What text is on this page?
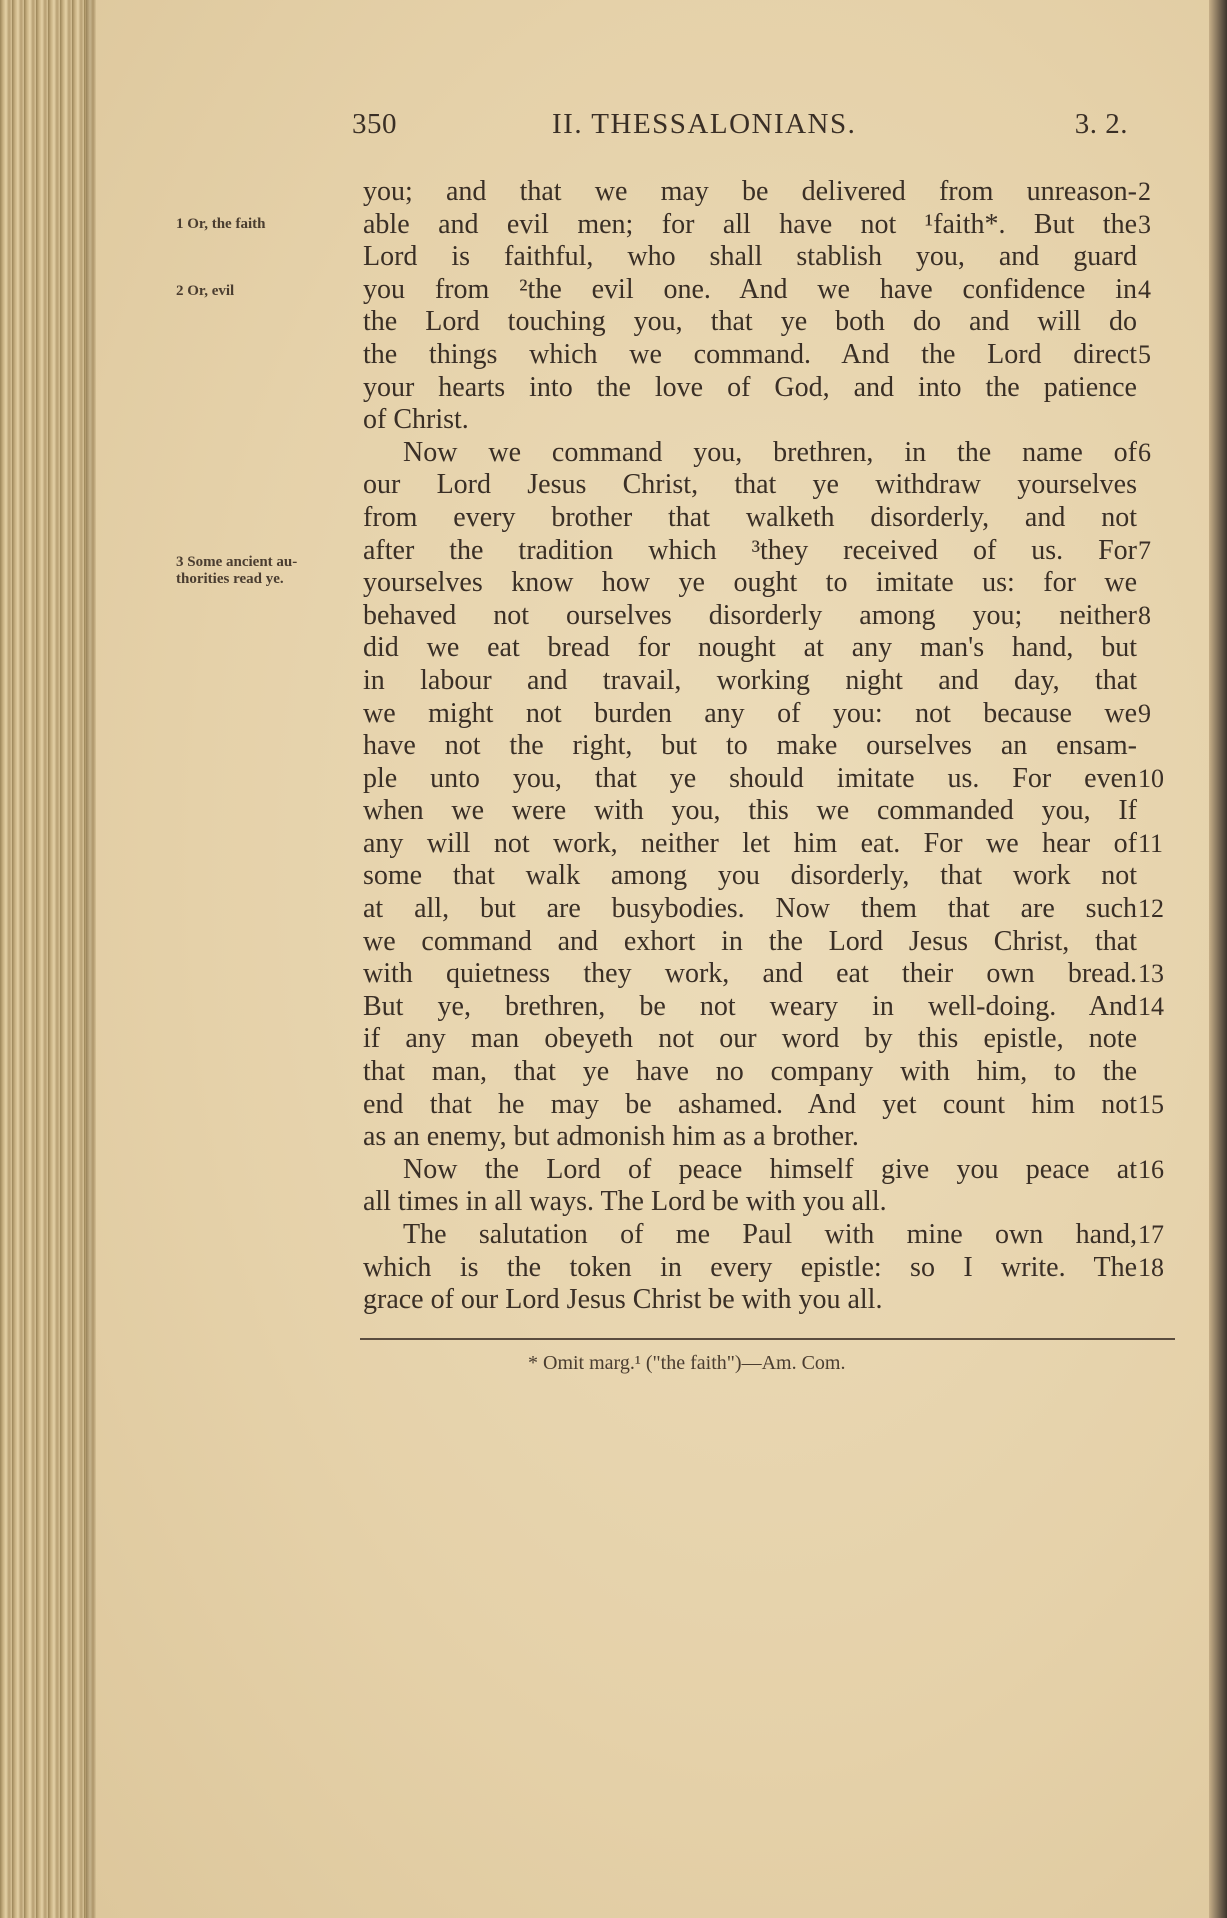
350	II. THESSALONIANS.	3. 2.
1 Or, the faith
2 Or, evil

3 Some ancient au-
thorities read ye.

you; and that we may be delivered from unreason-
able and evil men; for all have not ¹faith*. But the
Lord is faithful, who shall stablish you, and guard
you from ²the evil one. And we have confidence in
the Lord touching you, that ye both do and will do
the things which we command. And the Lord direct
your hearts into the love of God, and into the patience
of Christ.
Now we command you, brethren, in the name of
our Lord Jesus Christ, that ye withdraw yourselves
from every brother that walketh disorderly, and not
after the tradition which ³they received of us. For
yourselves know how ye ought to imitate us: for we
behaved not ourselves disorderly among you; neither
did we eat bread for nought at any man's hand, but
in labour and travail, working night and day, that
we might not burden any of you: not because we
have not the right, but to make ourselves an ensam-
ple unto you, that ye should imitate us. For even
when we were with you, this we commanded you, If
any will not work, neither let him eat. For we hear of
some that walk among you disorderly, that work not
at all, but are busybodies. Now them that are such
we command and exhort in the Lord Jesus Christ, that
with quietness they work, and eat their own bread.
But ye, brethren, be not weary in well-doing. And
if any man obeyeth not our word by this epistle, note
that man, that ye have no company with him, to the
end that he may be ashamed. And yet count him not
as an enemy, but admonish him as a brother.
Now the Lord of peace himself give you peace at
all times in all ways. The Lord be with you all.
The salutation of me Paul with mine own hand,
which is the token in every epistle: so I write. The
grace of our Lord Jesus Christ be with you all.
2
3
4
5
6
7
8
9
10
11
12
13
14
15
16
17
18
* Omit marg.¹ ("the faith")—Am. Com.
